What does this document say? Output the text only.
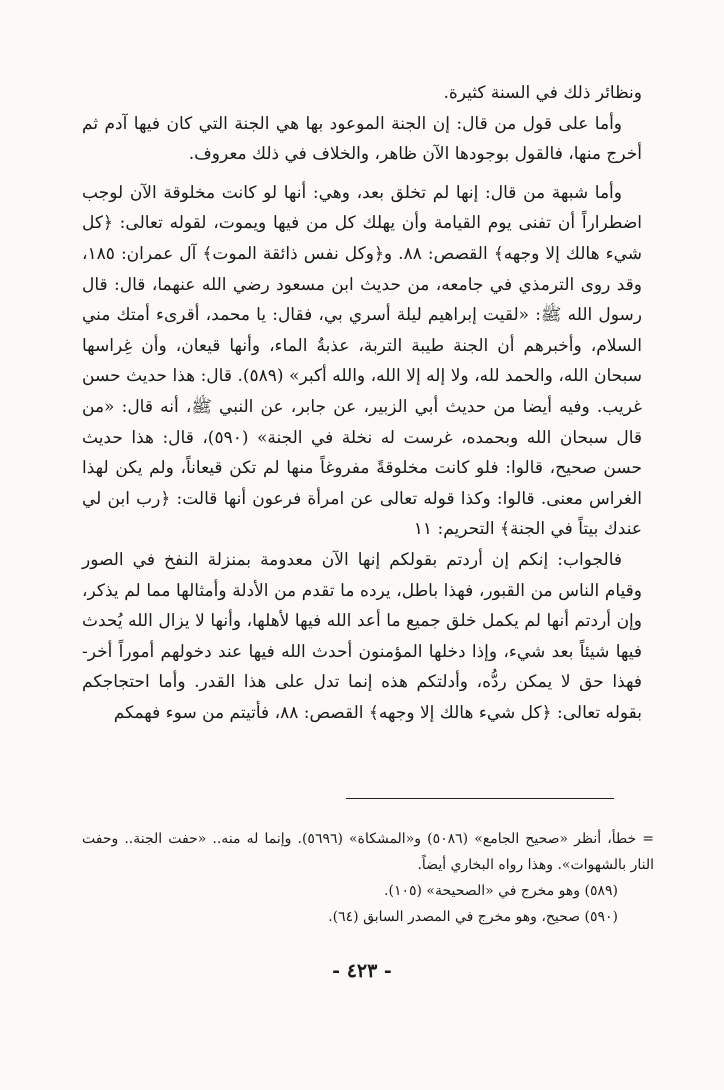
ونظائر ذلك في السنة كثيرة.

وأما على قول من قال: إن الجنة الموعود بها هي الجنة التي كان فيها آدم ثم أخرج منها، فالقول بوجودها الآن ظاهر، والخلاف في ذلك معروف.

وأما شبهة من قال: إنها لم تخلق بعد، وهي: أنها لو كانت مخلوقة الآن لوجب اضطراراً أن تفنى يوم القيامة وأن يهلك كل من فيها ويموت، لقوله تعالى: ﴿كل شيء هالك إلا وجهه﴾ القصص: ٨٨. و﴿وكل نفس ذائقة الموت﴾ آل عمران: ١٨٥، وقد روى الترمذي في جامعه، من حديث ابن مسعود رضي الله عنهما، قال: قال رسول الله ﷺ: «لقيت إبراهيم ليلة أسري بي، فقال: يا محمد، أقرىء أمتك مني السلام، وأخبرهم أن الجنة طيبة التربة، عذبةُ الماء، وأنها قيعان، وأن غِراسها سبحان الله، والحمد لله، ولا إله إلا الله، والله أكبر» (٥٨٩). قال: هذا حديث حسن غريب. وفيه أيضا من حديث أبي الزبير، عن جابر، عن النبي ﷺ، أنه قال: «من قال سبحان الله وبحمده، غرست له نخلة في الجنة» (٥٩٠)، قال: هذا حديث حسن صحيح، قالوا: فلو كانت مخلوقةً مفروغاً منها لم تكن قيعاناً، ولم يكن لهذا الغراس معنى. قالوا: وكذا قوله تعالى عن امرأة فرعون أنها قالت: ﴿رب ابن لي عندك بيتاً في الجنة﴾ التحريم: ١١

فالجواب: إنكم إن أردتم بقولكم إنها الآن معدومة بمنزلة النفخ في الصور وقيام الناس من القبور، فهذا باطل، يرده ما تقدم من الأدلة وأمثالها مما لم يذكر، وإن أردتم أنها لم يكمل خلق جميع ما أعد الله فيها لأهلها، وأنها لا يزال الله يُحدث فيها شيئاً بعد شيء، وإذا دخلها المؤمنون أحدث الله فيها عند دخولهم أموراً أخر- فهذا حق لا يمكن ردُّه، وأدلتكم هذه إنما تدل على هذا القدر. وأما احتجاجكم بقوله تعالى: ﴿كل شيء هالك إلا وجهه﴾ القصص: ٨٨، فأتيتم من سوء فهمكم

= خطأ، أنظر «صحيح الجامع» (٥٠٨٦) و«المشكاة» (٥٦٩٦). وإنما له منه.. «حفت الجنة.. وحفت النار بالشهوات». وهذا رواه البخاري أيضاً.

(٥٨٩) وهو مخرج في «الصحيحة» (١٠٥).

(٥٩٠) صحيح، وهو مخرج في المصدر السابق (٦٤).

- ٤٢٣ -
